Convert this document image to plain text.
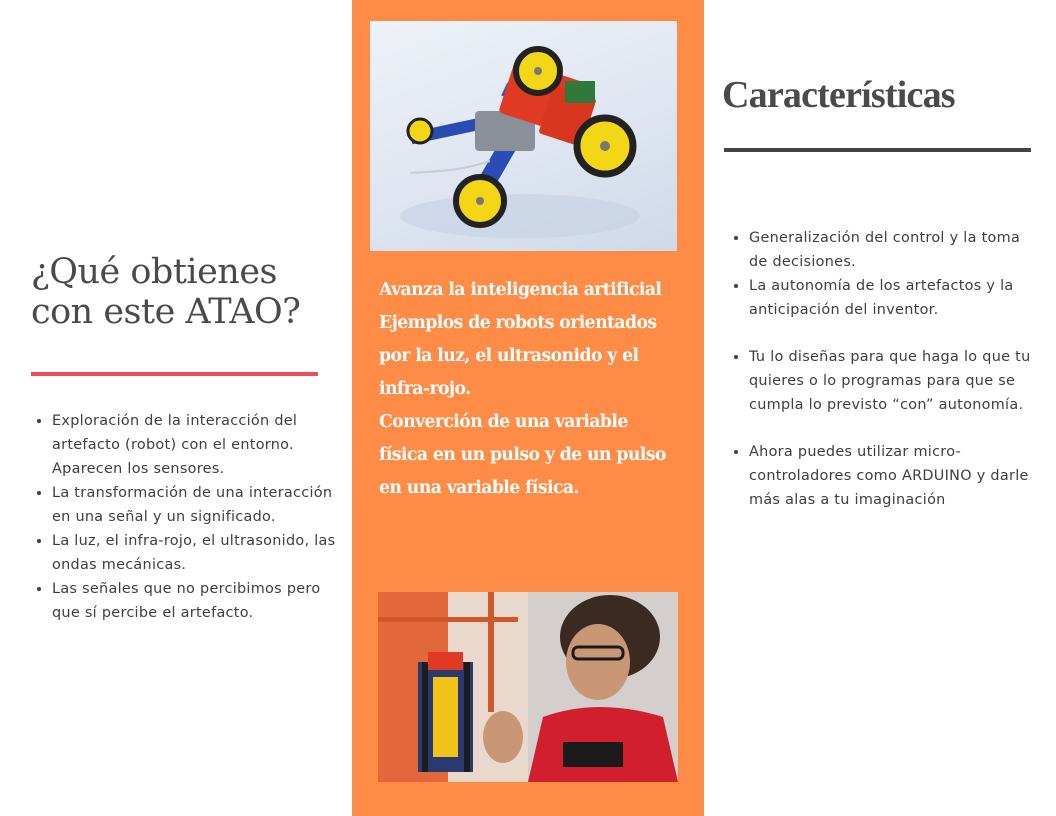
¿Qué obtienes con este ATAO?
• Exploración de la interacción del artefacto (robot) con el entorno. Aparecen los sensores.
• La transformación de una interacción en una señal y un significado.
• La luz, el infra-rojo, el ultrasonido, las ondas mecánicas.
• Las señales que no percibimos pero que sí percibe el artefacto.

Avanza la inteligencia artificial

Ejemplos de robots orientados por la luz, el ultrasonido y el infra-rojo.

Converción de una variable física en un pulso y de un pulso en una variable física.

Características
• Generalización del control y la toma de decisiones.
• La autonomía de los artefactos y la anticipación del inventor.
• Tu lo diseñas para que haga lo que tu quieres o lo programas para que se cumpla lo previsto “con” autonomía.
• Ahora puedes utilizar micro-controladores como ARDUINO y darle más alas a tu imaginación
